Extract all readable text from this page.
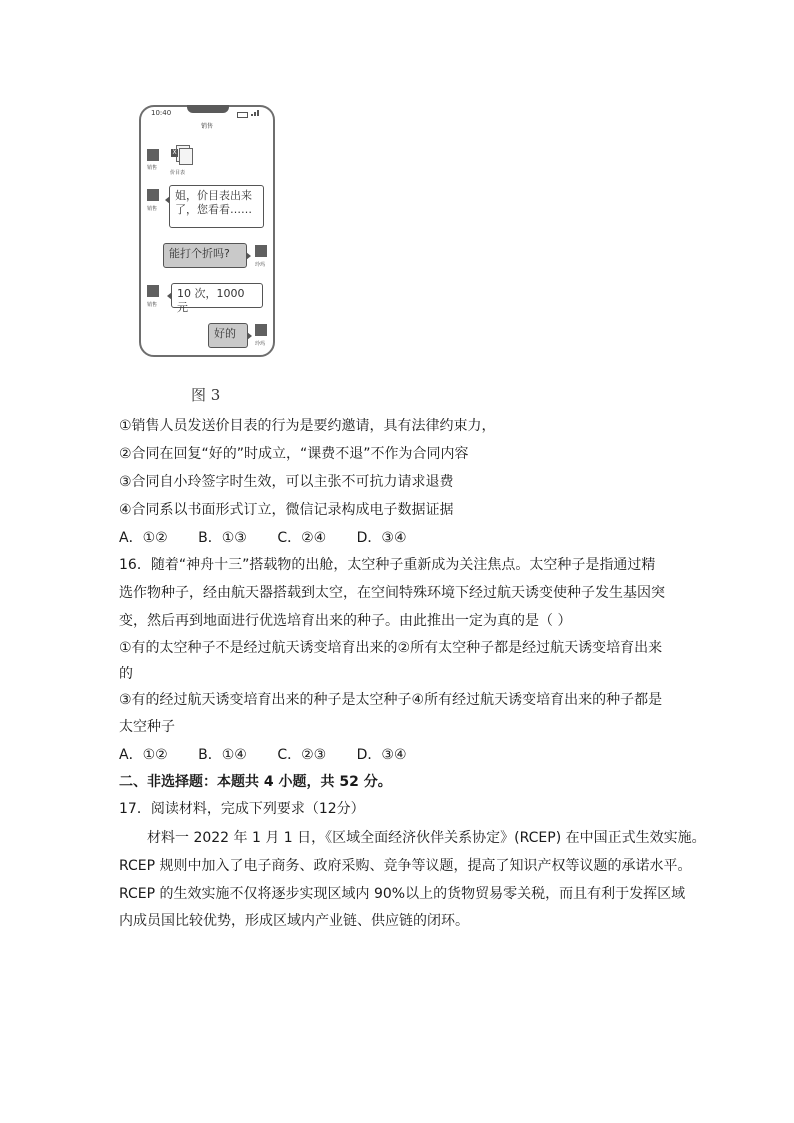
10:40
销售
销售
X
价目表
销售
姐，价目表出来
了，您看看……
能打个折吗?
玲玛
销售
10 次，1000 元
好的
玲玛
图 3
①销售人员发送价目表的行为是要约邀请，具有法律约束力，
②合同在回复“好的”时成立，“课费不退”不作为合同内容
③合同自小玲签字时生效，可以主张不可抗力请求退费
④合同系以书面形式订立，微信记录构成电子数据证据
A．①② B．①③ C．②④ D．③④
16．随着“神舟十三”搭载物的出舱，太空种子重新成为关注焦点。太空种子是指通过精
选作物种子，经由航天器搭载到太空，在空间特殊环境下经过航天诱变使种子发生基因突
变，然后再到地面进行优选培育出来的种子。由此推出一定为真的是（ ）
①有的太空种子不是经过航天诱变培育出来的②所有太空种子都是经过航天诱变培育出来
的
③有的经过航天诱变培育出来的种子是太空种子④所有经过航天诱变培育出来的种子都是
太空种子
A．①② B．①④ C．②③ D．③④
二、非选择题：本题共 4 小题，共 52 分。
17．阅读材料，完成下列要求（12分）
材料一 2022 年 1 月 1 日，《区域全面经济伙伴关系协定》(RCEP) 在中国正式生效实施。
RCEP 规则中加入了电子商务、政府采购、竞争等议题，提高了知识产权等议题的承诺水平。
RCEP 的生效实施不仅将逐步实现区域内 90%以上的货物贸易零关税，而且有利于发挥区域
内成员国比较优势，形成区域内产业链、供应链的闭环。
